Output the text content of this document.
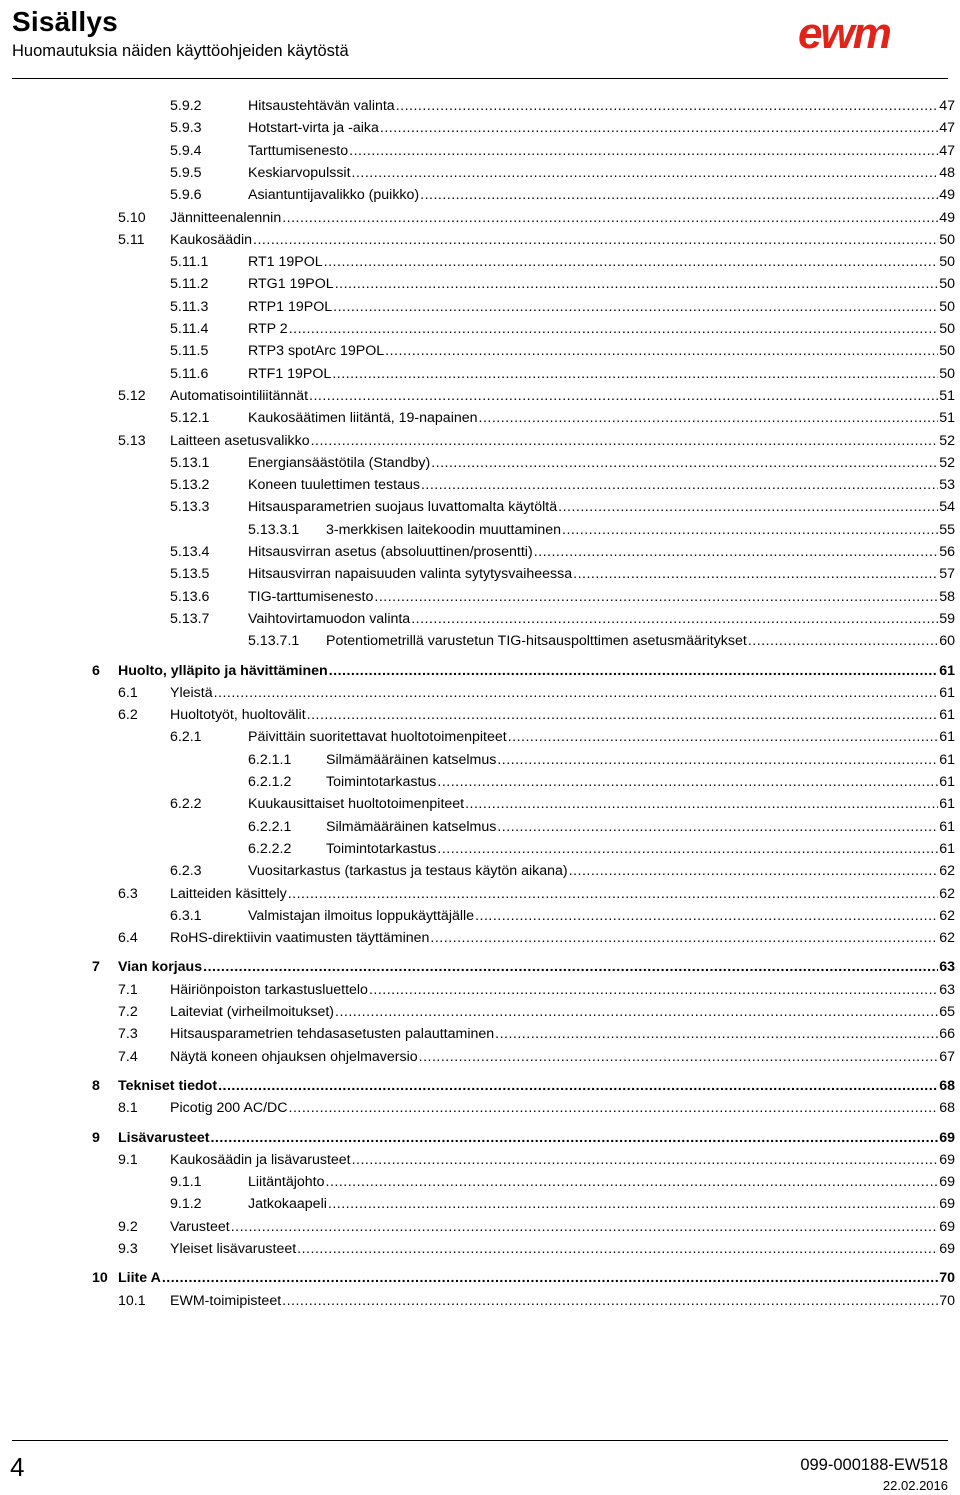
Sisällys
Huomautuksia näiden käyttöohjeiden käytöstä	ewm
5.9.2	Hitsaustehtävän valinta .....	47
5.9.3	Hotstart-virta ja -aika .....	47
5.9.4	Tarttumisenesto .....	47
5.9.5	Keskiarvopulssit .....	48
5.9.6	Asiantuntijavalikko (puikko) .....	49
5.10	Jännitteenalennin .....	49
5.11	Kaukosäädin .....	50
5.11.1	RT1 19POL .....	50
5.11.2	RTG1 19POL .....	50
5.11.3	RTP1 19POL .....	50
5.11.4	RTP 2 .....	50
5.11.5	RTP3 spotArc 19POL .....	50
5.11.6	RTF1 19POL .....	50
5.12	Automatisointiliitännät .....	51
5.12.1	Kaukosäätimen liitäntä, 19-napainen .....	51
5.13	Laitteen asetusvalikko .....	52
5.13.1	Energiansäästötila (Standby) .....	52
5.13.2	Koneen tuulettimen testaus .....	53
5.13.3	Hitsausparametrien suojaus luvattomalta käytöltä .....	54
5.13.3.1	3-merkkisen laitekoodin muuttaminen .....	55
5.13.4	Hitsausvirran asetus (absoluuttinen/prosentti) .....	56
5.13.5	Hitsausvirran napaisuuden valinta sytytysvaiheessa .....	57
5.13.6	TIG-tarttumisenesto .....	58
5.13.7	Vaihtovirtamuodon valinta .....	59
5.13.7.1	Potentiometrillä varustetun TIG-hitsauspolttimen asetusmääritykset .....	60
6	Huolto, ylläpito ja hävittäminen .....	61
6.1	Yleistä .....	61
6.2	Huoltotyöt, huoltovälit .....	61
6.2.1	Päivittäin suoritettavat huoltotoimenpiteet .....	61
6.2.1.1	Silmämääräinen katselmus .....	61
6.2.1.2	Toimintotarkastus .....	61
6.2.2	Kuukausittaiset huoltotoimenpiteet .....	61
6.2.2.1	Silmämääräinen katselmus .....	61
6.2.2.2	Toimintotarkastus .....	61
6.2.3	Vuositarkastus (tarkastus ja testaus käytön aikana) .....	62
6.3	Laitteiden käsittely .....	62
6.3.1	Valmistajan ilmoitus loppukäyttäjälle .....	62
6.4	RoHS-direktiivin vaatimusten täyttäminen .....	62
7	Vian korjaus .....	63
7.1	Häiriönpoiston tarkastusluettelo .....	63
7.2	Laiteviat (virheilmoitukset) .....	65
7.3	Hitsausparametrien tehdasasetusten palauttaminen .....	66
7.4	Näytä koneen ohjauksen ohjelmaversio .....	67
8	Tekniset tiedot .....	68
8.1	Picotig 200 AC/DC .....	68
9	Lisävarusteet .....	69
9.1	Kaukosäädin ja lisävarusteet .....	69
9.1.1	Liitäntäjohto .....	69
9.1.2	Jatkokaapeli .....	69
9.2	Varusteet .....	69
9.3	Yleiset lisävarusteet .....	69
10 Liite A .....	70
10.1	EWM-toimipisteet .....	70
4	099-000188-EW518
22.02.2016
